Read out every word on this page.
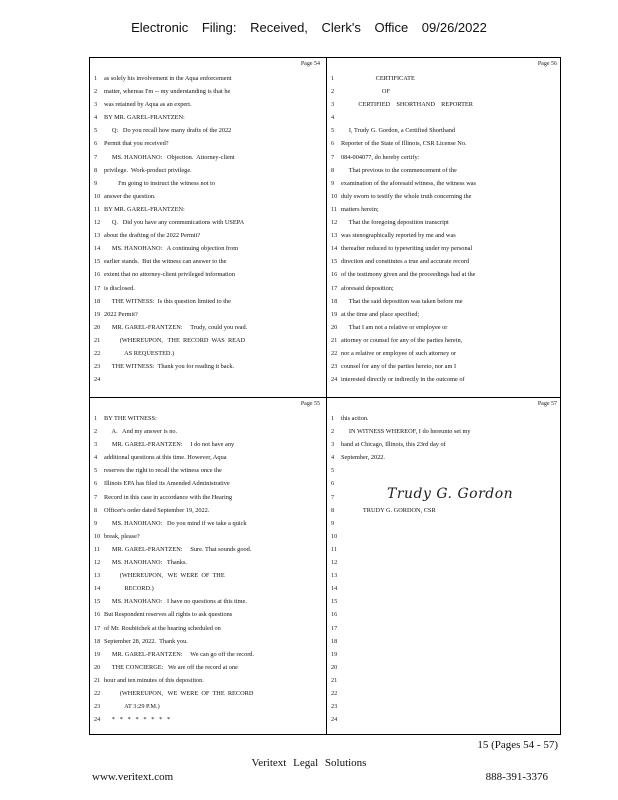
Electronic Filing: Received, Clerk's Office 09/26/2022
Page 54
1 as solely his involvement in the Aqua enforcement
2 matter, whereas I'm -- my understanding is that he
3 was retained by Aqua as an expert.
4 BY MR. GAREL-FRANTZEN:
5     Q:   Do you recall how many drafts of the 2022
6 Permit that you received?
7     MS. HANOHANO:   Objection.  Attorney-client
8 privilege.  Work-product privilege.
9         I'm going to instruct the witness not to
10 answer the question.
11 BY MR. GAREL-FRANTZEN:
12     Q.   Did you have any communications with USEPA
13 about the drafting of the 2022 Permit?
14     MS. HANOHANO:   A continuing objection from
15 earlier stands.  But the witness can answer to the
16 extent that no attorney-client privileged information
17 is disclosed.
18     THE WITNESS:  Is this question limited to the
19 2022 Permit?
20     MR. GAREL-FRANTZEN:     Trudy, could you read.
21          (WHEREUPON,   THE  RECORD  WAS  READ
22             AS REQUESTED.)
23     THE WITNESS:  Thank you for reading it back.
24
Page 56
1                      CERTIFICATE
2                          OF
3           CERTIFIED    SHORTHAND    REPORTER
4
5     I, Trudy G. Gordon, a Certified Shorthand
6 Reporter of the State of Illinois, CSR License No.
7 084-004077, do hereby certify:
8     That previous to the commencement of the
9 examination of the aforesaid witness, the witness was
10 duly sworn to testify the whole truth concerning the
11 matters herein;
12     That the foregoing deposition transcript
13 was stenographically reported by me and was
14 thereafter reduced to typewriting under my personal
15 direction and constitutes a true and accurate record
16 of the testimony given and the proceedings had at the
17 aforesaid deposition;
18     That the said deposition was taken before me
19 at the time and place specified;
20     That I am not a relative or employee or
21 attorney or counsel for any of the parties herein,
22 nor a relative or employee of such attorney or
23 counsel for any of the parties hereto, nor am I
24 interested directly or indirectly in the outcome of
Page 55
1 BY THE WITNESS:
2     A.   And my answer is no.
3     MR. GAREL-FRANTZEN:     I do not have any
4 additional questions at this time. However, Aqua
5 reserves the right to recall the witness once the
6 Illinois EPA has filed its Amended Administrative
7 Record in this case in accordance with the Hearing
8 Officer's order dated September 19, 2022.
9     MS. HANOHANO:   Do you mind if we take a quick
10 break, please?
11     MR. GAREL-FRANTZEN:     Sure. That sounds good.
12     MS. HANOHANO:   Thanks.
13          (WHEREUPON,   WE  WERE  OF  THE
14             RECORD.)
15     MS. HANOHANO:   I have no questions at this time.
16 But Respondent reserves all rights to ask questions
17 of Mr. Roubitchek at the hearing scheduled on
18 September 28, 2022.  Thank you.
19     MR. GAREL-FRANTZEN:     We can go off the record.
20     THE CONCIERGE:   We are off the record at one
21 hour and ten minutes of this deposition.
22          (WHEREUPON,   WE  WERE  OF  THE  RECORD
23             AT 3:29 P.M.)
24     *   *   *   *   *   *   *   *
Page 57
1 this action.
2     IN WITNESS WHEREOF, I do hereunto set my
3 hand at Chicago, Illinois, this 23rd day of
4 September, 2022.
5
6
7
8              TRUDY G. GORDON, CSR
9
10
11
12
13
14
15
16
17
18
19
20
21
22
23
24
Trudy G. Gordon
15 (Pages 54 - 57)
Veritext Legal Solutions
www.veritext.com	888-391-3376
